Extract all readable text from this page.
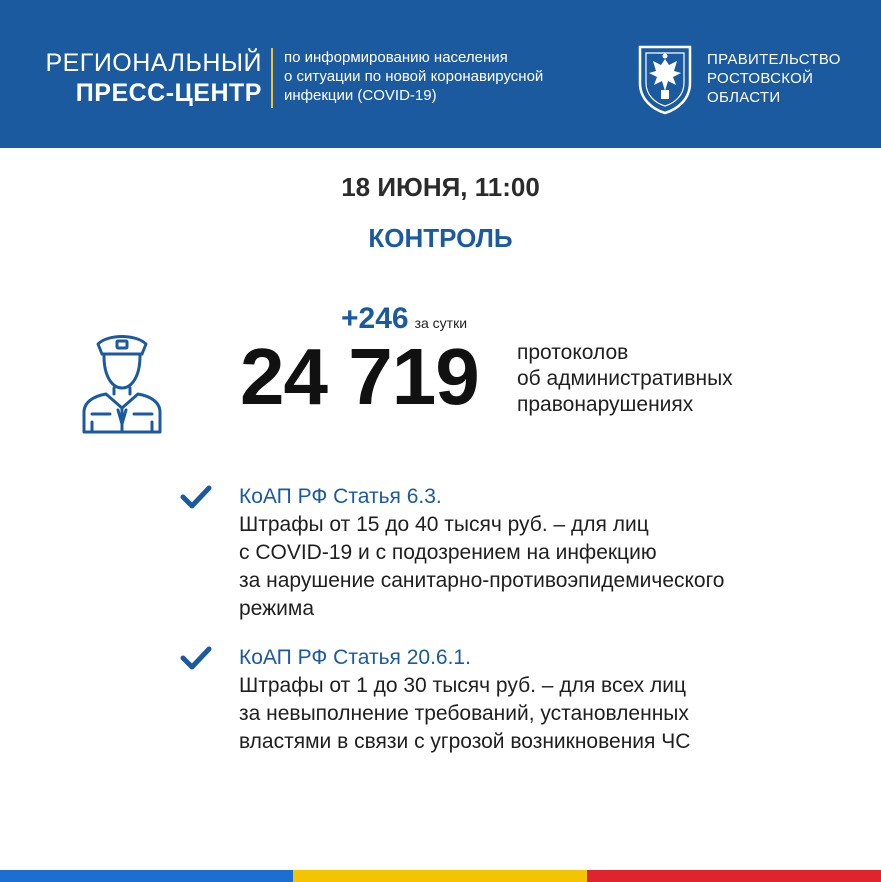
РЕГИОНАЛЬНЫЙ
ПРЕСС-ЦЕНТР
по информированию населения
о ситуации по новой коронавирусной
инфекции (COVID-19)
ПРАВИТЕЛЬСТВО
РОСТОВСКОЙ
ОБЛАСТИ
18 ИЮНЯ, 11:00
КОНТРОЛЬ
+246 за сутки
24 719 протоколов
об административных
правонарушениях
КоАП РФ Статья 6.3.
Штрафы от 15 до 40 тысяч руб. – для лиц
с COVID-19 и с подозрением на инфекцию
за нарушение санитарно-противоэпидемического
режима
КоАП РФ Статья 20.6.1.
Штрафы от 1 до 30 тысяч руб. – для всех лиц
за невыполнение требований, установленных
властями в связи с угрозой возникновения ЧС
